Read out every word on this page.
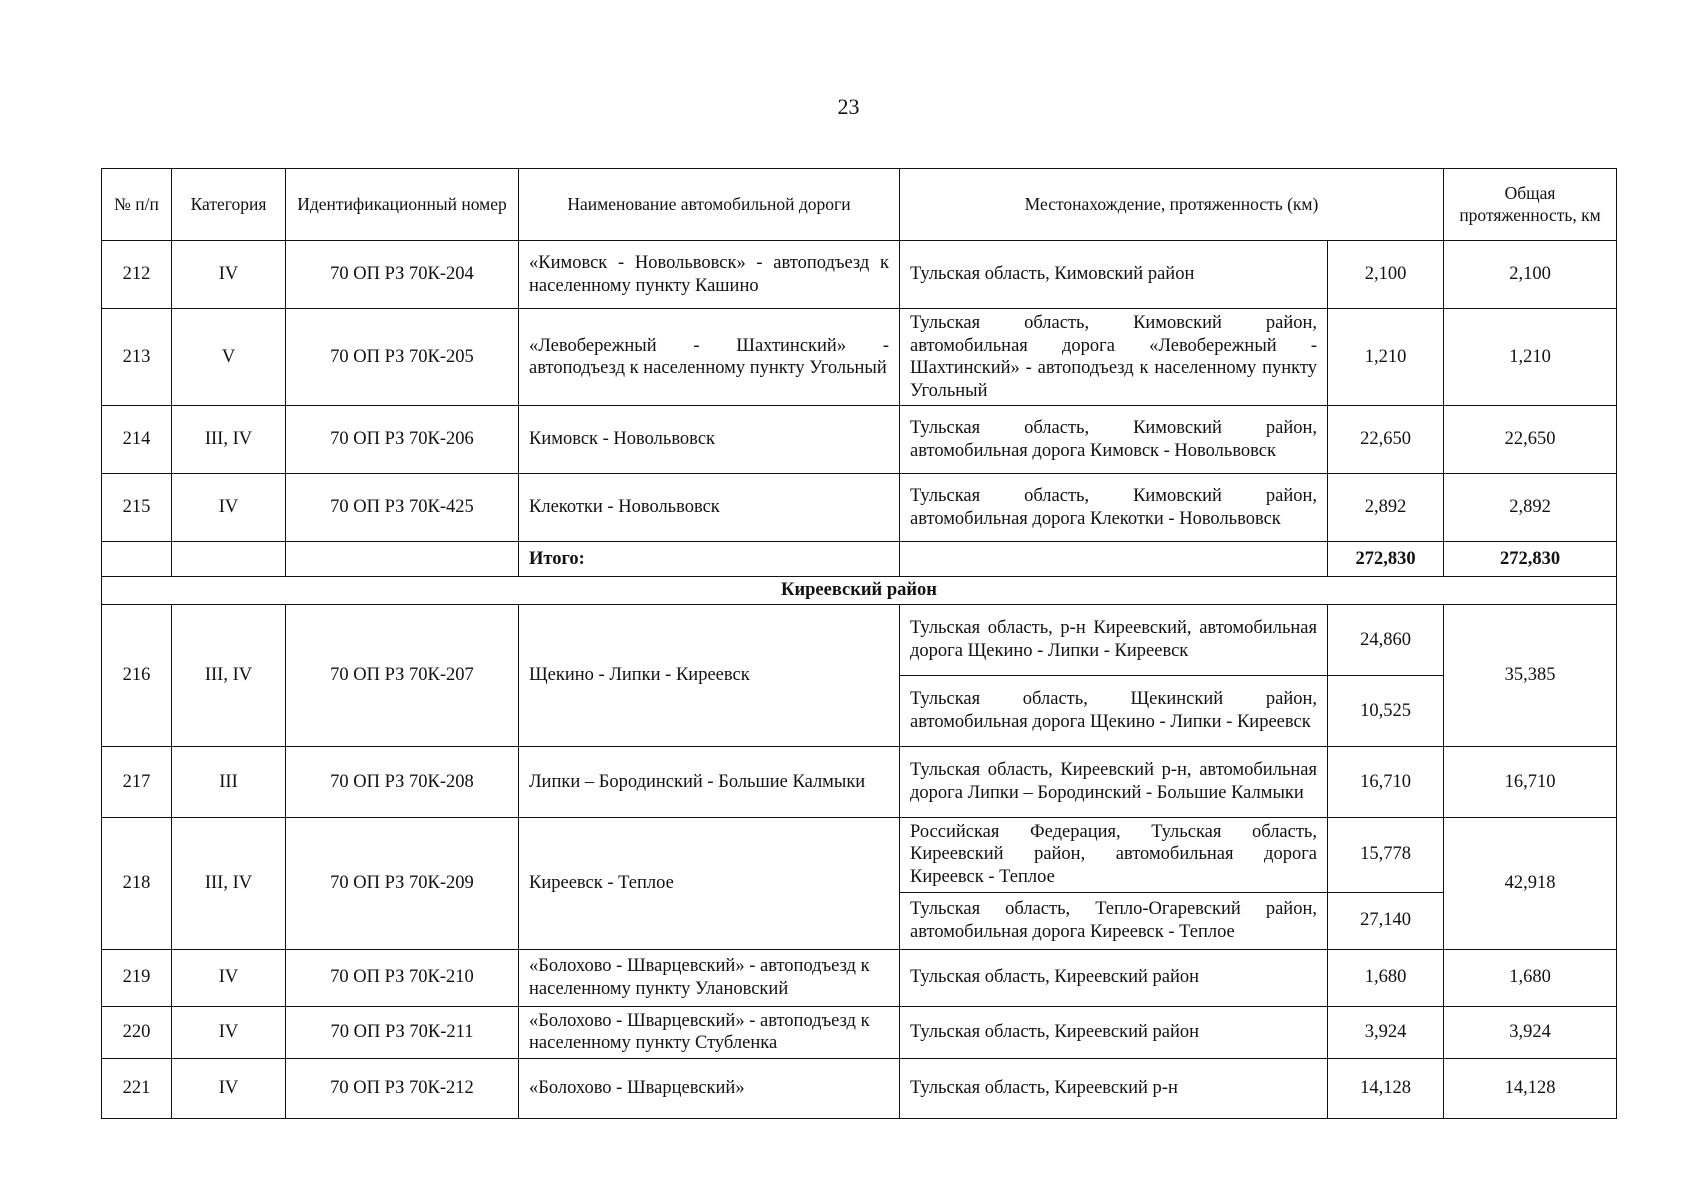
23
№ п/п	Категория	Идентификационный номер	Наименование автомобильной дороги	Местонахождение, протяженность (км)		Общая протяженность, км
212	IV	70 ОП РЗ 70К-204	«Кимовск - Новольвовск» - автоподъезд к населенному пункту Кашино	Тульская область, Кимовский район	2,100	2,100
213	V	70 ОП РЗ 70К-205	«Левобережный - Шахтинский» - автоподъезд к населенному пункту Угольный	Тульская область, Кимовский район, автомобильная дорога «Левобережный - Шахтинский» - автоподъезд к населенному пункту Угольный	1,210	1,210
214	III, IV	70 ОП РЗ 70К-206	Кимовск - Новольвовск	Тульская область, Кимовский район, автомобильная дорога Кимовск - Новольвовск	22,650	22,650
215	IV	70 ОП РЗ 70К-425	Клекотки - Новольвовск	Тульская область, Кимовский район, автомобильная дорога Клекотки - Новольвовск	2,892	2,892
			Итого:		272,830	272,830
Киреевский район						
216	III, IV	70 ОП РЗ 70К-207	Щекино - Липки - Киреевск	Тульская область, р-н Киреевский, автомобильная дорога Щекино - Липки - Киреевск	24,860	35,385
				Тульская область, Щекинский район, автомобильная дорога Щекино - Липки - Киреевск	10,525	
217	III	70 ОП РЗ 70К-208	Липки – Бородинский - Большие Калмыки	Тульская область, Киреевский р-н, автомобильная дорога Липки – Бородинский - Большие Калмыки	16,710	16,710
218	III, IV	70 ОП РЗ 70К-209	Киреевск - Теплое	Российская Федерация, Тульская область, Киреевский район, автомобильная дорога Киреевск - Теплое	15,778	42,918
				Тульская область, Тепло-Огаревский район, автомобильная дорога Киреевск - Теплое	27,140	
219	IV	70 ОП РЗ 70К-210	«Болохово - Шварцевский» - автоподъезд к населенному пункту Улановский	Тульская область, Киреевский район	1,680	1,680
220	IV	70 ОП РЗ 70К-211	«Болохово - Шварцевский» - автоподъезд к населенному пункту Стубленка	Тульская область, Киреевский район	3,924	3,924
221	IV	70 ОП РЗ 70К-212	«Болохово - Шварцевский»	Тульская область, Киреевский р-н	14,128	14,128
